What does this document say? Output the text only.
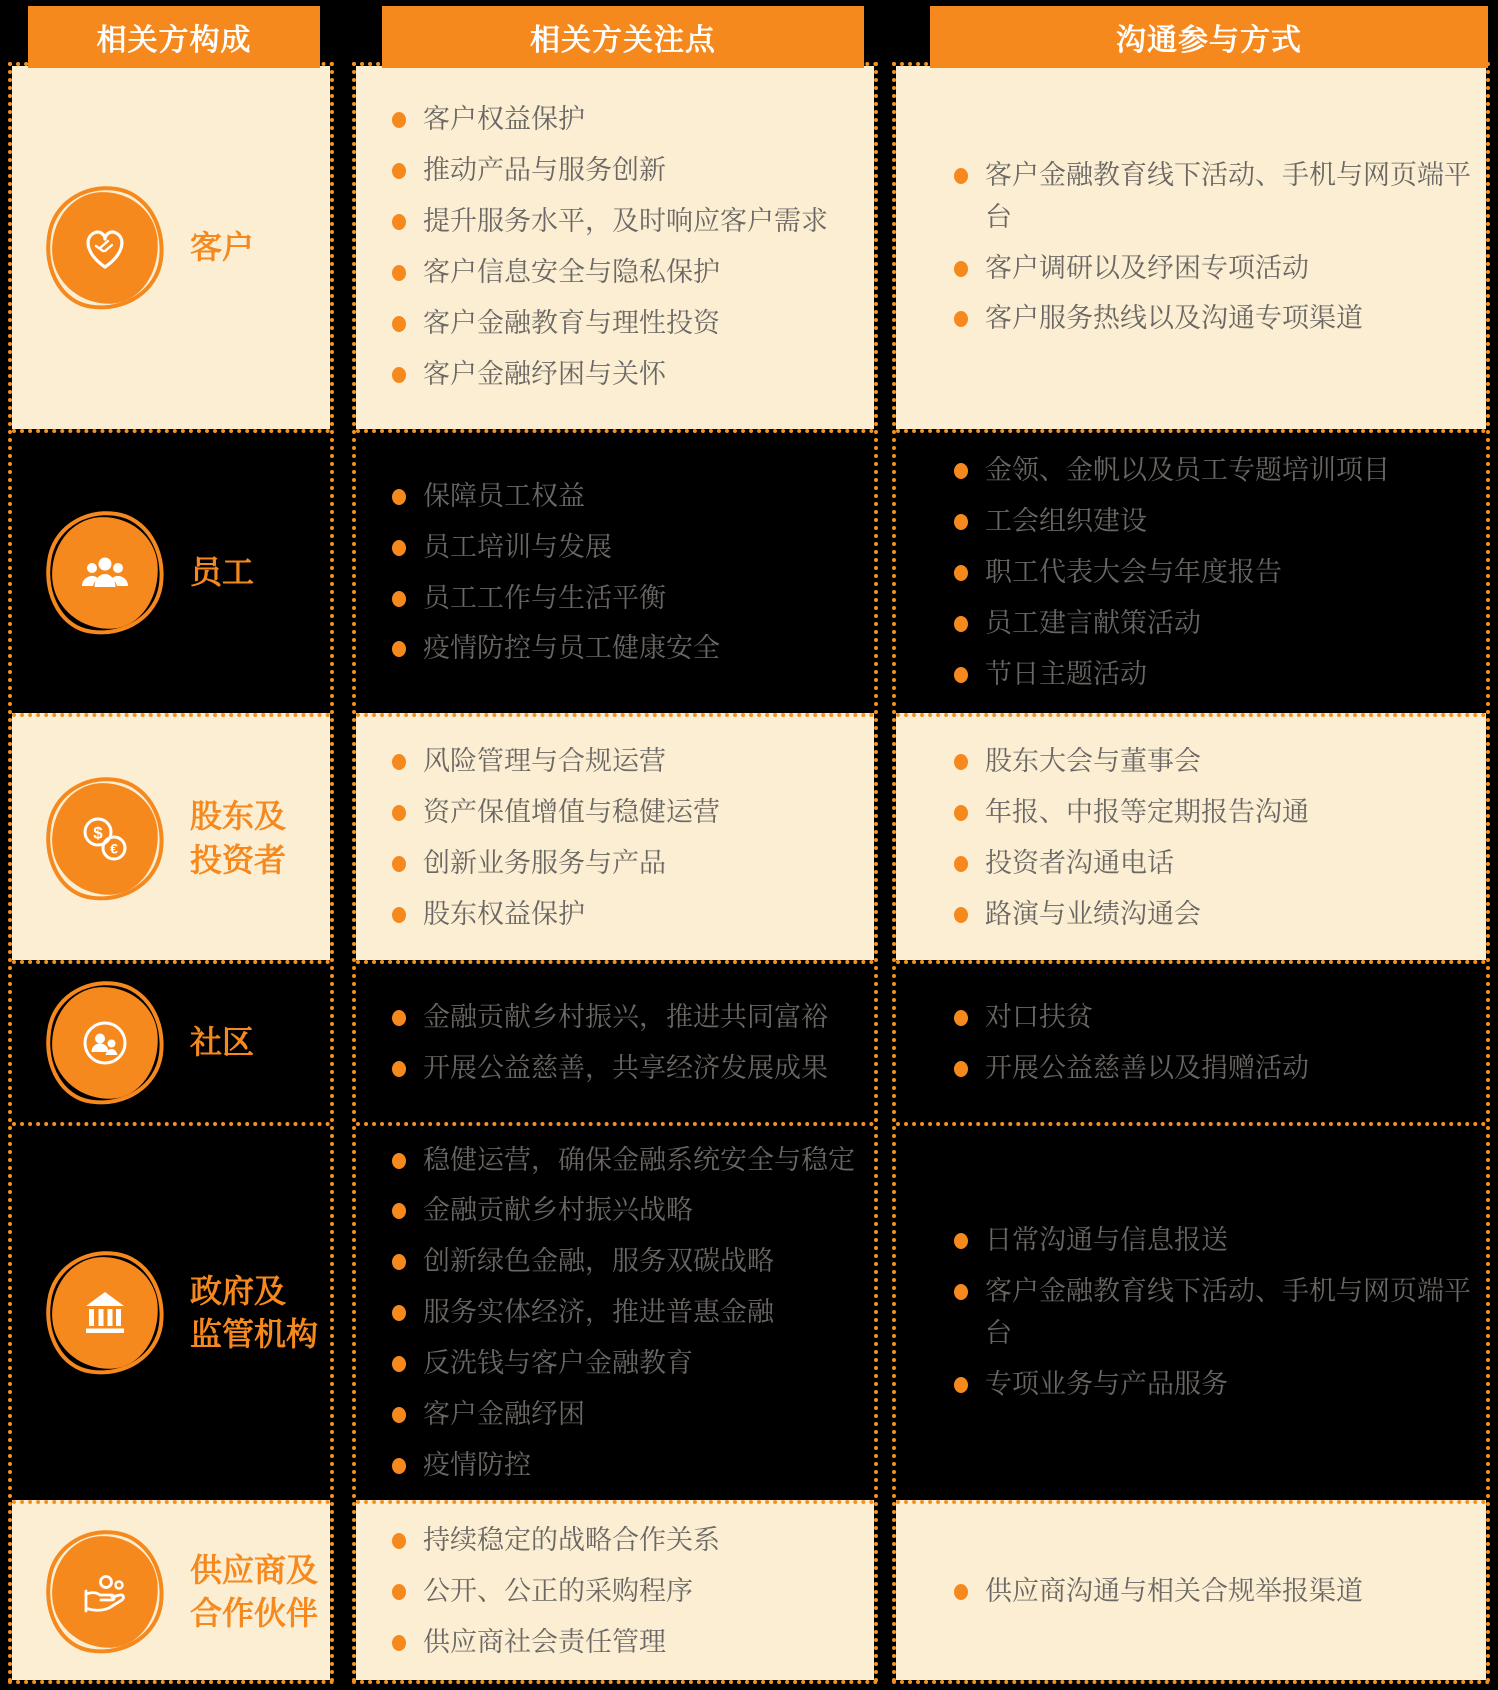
相关方构成
客户
员工
$
€
股东及
投资者
社区
政府及
监管机构
供应商及
合作伙伴
相关方关注点
客户权益保护
推动产品与服务创新
提升服务水平，及时响应客户需求
客户信息安全与隐私保护
客户金融教育与理性投资
客户金融纾困与关怀
保障员工权益
员工培训与发展
员工工作与生活平衡
疫情防控与员工健康安全
风险管理与合规运营
资产保值增值与稳健运营
创新业务服务与产品
股东权益保护
金融贡献乡村振兴，推进共同富裕
开展公益慈善，共享经济发展成果
稳健运营，确保金融系统安全与稳定
金融贡献乡村振兴战略
创新绿色金融，服务双碳战略
服务实体经济，推进普惠金融
反洗钱与客户金融教育
客户金融纾困
疫情防控
持续稳定的战略合作关系
公开、公正的采购程序
供应商社会责任管理
沟通参与方式
客户金融教育线下活动、手机与网页端平台
客户调研以及纾困专项活动
客户服务热线以及沟通专项渠道
金领、金帆以及员工专题培训项目
工会组织建设
职工代表大会与年度报告
员工建言献策活动
节日主题活动
股东大会与董事会
年报、中报等定期报告沟通
投资者沟通电话
路演与业绩沟通会
对口扶贫
开展公益慈善以及捐赠活动
日常沟通与信息报送
客户金融教育线下活动、手机与网页端平台
专项业务与产品服务
供应商沟通与相关合规举报渠道
